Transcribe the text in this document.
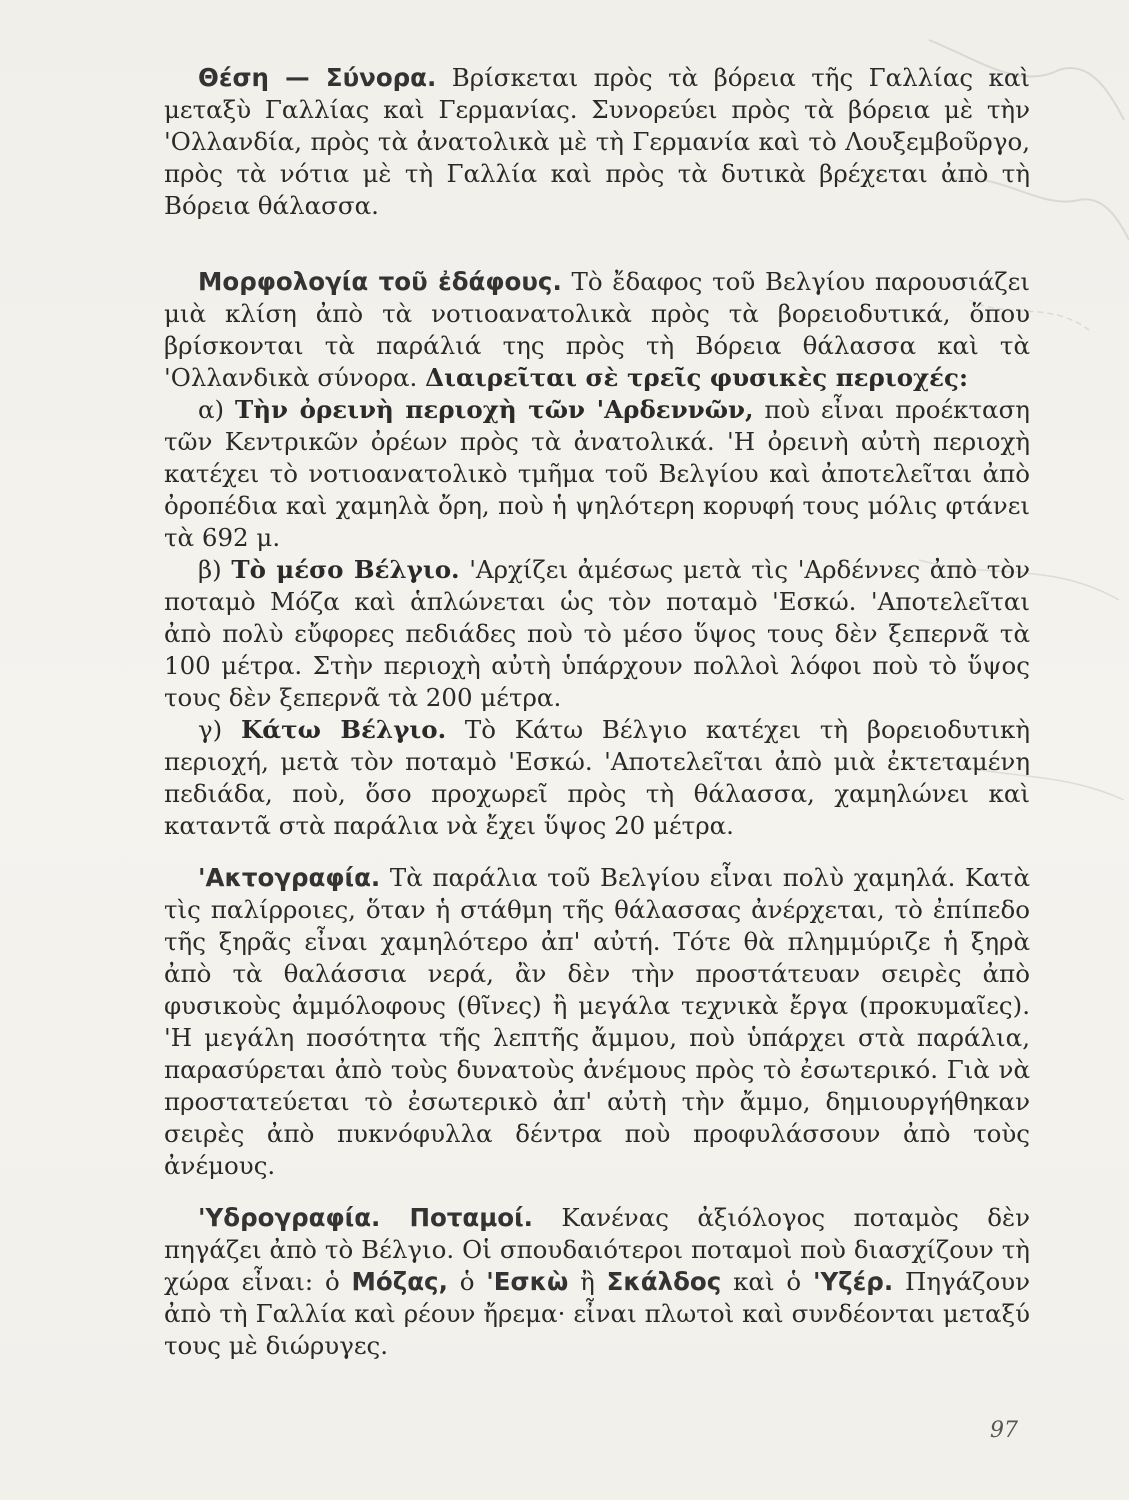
Θέση — Σύνορα. Βρίσκεται πρὸς τὰ βόρεια τῆς Γαλλίας καὶ μεταξὺ Γαλλίας καὶ Γερμανίας. Συνορεύει πρὸς τὰ βόρεια μὲ τὴν 'Ολλανδία, πρὸς τὰ ἀνατολικὰ μὲ τὴ Γερμανία καὶ τὸ Λουξεμβοῦργο, πρὸς τὰ νότια μὲ τὴ Γαλλία καὶ πρὸς τὰ δυτικὰ βρέχεται ἀπὸ τὴ Βόρεια θάλασσα.

Μορφολογία τοῦ ἐδάφους. Τὸ ἔδαφος τοῦ Βελγίου παρουσιάζει μιὰ κλίση ἀπὸ τὰ νοτιοανατολικὰ πρὸς τὰ βορειοδυτικά, ὅπου βρίσκονται τὰ παράλιά της πρὸς τὴ Βόρεια θάλασσα καὶ τὰ 'Ολλανδικὰ σύνορα. Διαιρεῖται σὲ τρεῖς φυσικὲς περιοχές:

α) Τὴν ὀρεινὴ περιοχὴ τῶν 'Αρδεννῶν, ποὺ εἶναι προέκταση τῶν Κεντρικῶν ὀρέων πρὸς τὰ ἀνατολικά. 'Η ὀρεινὴ αὐτὴ περιοχὴ κατέχει τὸ νοτιοανατολικὸ τμῆμα τοῦ Βελγίου καὶ ἀποτελεῖται ἀπὸ ὀροπέδια καὶ χαμηλὰ ὄρη, ποὺ ἡ ψηλότερη κορυφή τους μόλις φτάνει τὰ 692 μ.

β) Τὸ μέσο Βέλγιο. 'Αρχίζει ἀμέσως μετὰ τὶς 'Αρδέννες ἀπὸ τὸν ποταμὸ Μόζα καὶ ἁπλώνεται ὡς τὸν ποταμὸ 'Εσκώ. 'Αποτελεῖται ἀπὸ πολὺ εὔφορες πεδιάδες ποὺ τὸ μέσο ὕψος τους δὲν ξεπερνᾶ τὰ 100 μέτρα. Στὴν περιοχὴ αὐτὴ ὑπάρχουν πολλοὶ λόφοι ποὺ τὸ ὕψος τους δὲν ξεπερνᾶ τὰ 200 μέτρα.

γ) Κάτω Βέλγιο. Τὸ Κάτω Βέλγιο κατέχει τὴ βορειοδυτικὴ περιοχή, μετὰ τὸν ποταμὸ 'Εσκώ. 'Αποτελεῖται ἀπὸ μιὰ ἐκτεταμένη πεδιάδα, ποὺ, ὅσο προχωρεῖ πρὸς τὴ θάλασσα, χαμηλώνει καὶ καταντᾶ στὰ παράλια νὰ ἔχει ὕψος 20 μέτρα.

'Ακτογραφία. Τὰ παράλια τοῦ Βελγίου εἶναι πολὺ χαμηλά. Κατὰ τὶς παλίρροιες, ὅταν ἡ στάθμη τῆς θάλασσας ἀνέρχεται, τὸ ἐπίπεδο τῆς ξηρᾶς εἶναι χαμηλότερο ἀπ' αὐτή. Τότε θὰ πλημμύριζε ἡ ξηρὰ ἀπὸ τὰ θαλάσσια νερά, ἂν δὲν τὴν προστάτευαν σειρὲς ἀπὸ φυσικοὺς ἀμμόλοφους (θῖνες) ἢ μεγάλα τεχνικὰ ἔργα (προκυμαῖες). 'Η μεγάλη ποσότητα τῆς λεπτῆς ἄμμου, ποὺ ὑπάρχει στὰ παράλια, παρασύρεται ἀπὸ τοὺς δυνατοὺς ἀνέμους πρὸς τὸ ἐσωτερικό. Γιὰ νὰ προστατεύεται τὸ ἐσωτερικὸ ἀπ' αὐτὴ τὴν ἄμμο, δημιουργήθηκαν σειρὲς ἀπὸ πυκνόφυλλα δέντρα ποὺ προφυλάσσουν ἀπὸ τοὺς ἀνέμους.

'Υδρογραφία. Ποταμοί. Κανένας ἀξιόλογος ποταμὸς δὲν πηγάζει ἀπὸ τὸ Βέλγιο. Οἱ σπουδαιότεροι ποταμοὶ ποὺ διασχίζουν τὴ χώρα εἶναι: ὁ Μόζας, ὁ 'Εσκὼ ἢ Σκάλδος καὶ ὁ 'Υζέρ. Πηγάζουν ἀπὸ τὴ Γαλλία καὶ ρέουν ἤρεμα· εἶναι πλωτοὶ καὶ συνδέονται μεταξύ τους μὲ διώρυγες.

97
